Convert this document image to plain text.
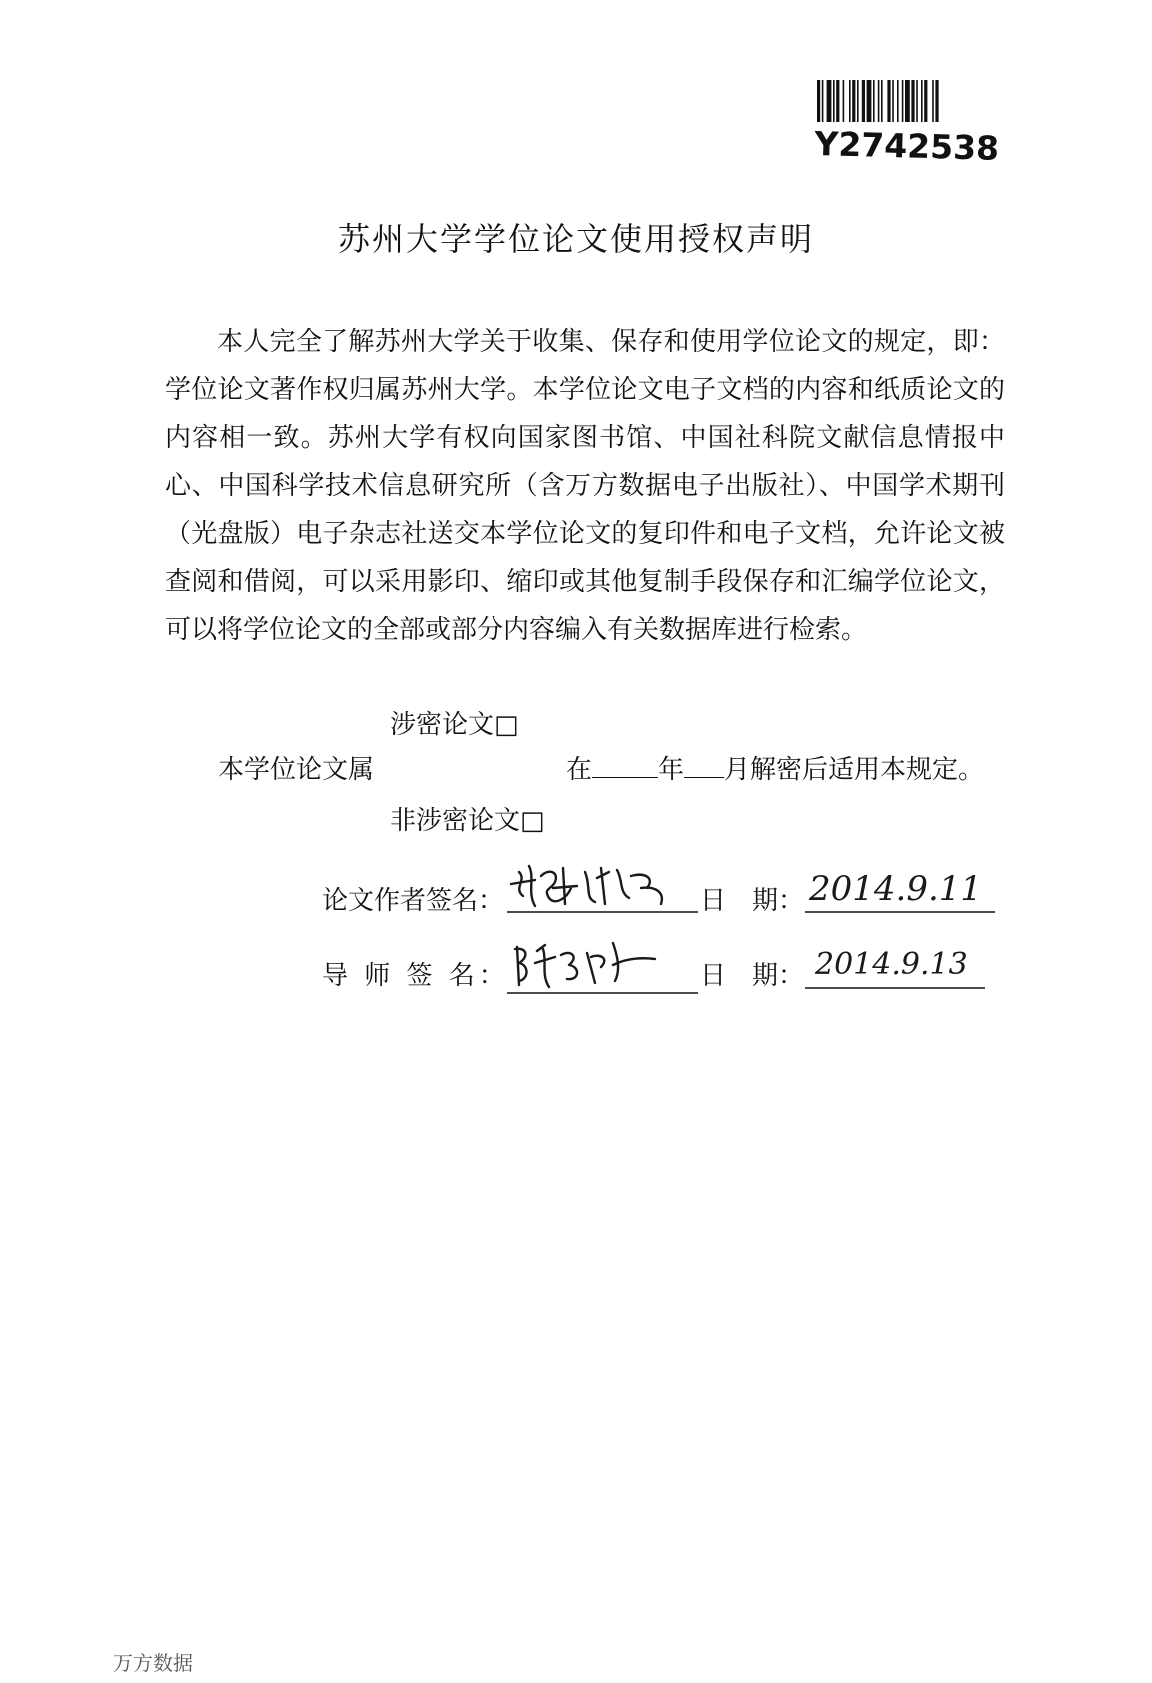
Y2742538
苏州大学学位论文使用授权声明

本人完全了解苏州大学关于收集、保存和使用学位论文的规定，即：学位论文著作权归属苏州大学。本学位论文电子文档的内容和纸质论文的内容相一致。苏州大学有权向国家图书馆、中国社科院文献信息情报中心、中国科学技术信息研究所（含万方数据电子出版社）、中国学术期刊（光盘版）电子杂志社送交本学位论文的复印件和电子文档，允许论文被查阅和借阅，可以采用影印、缩印或其他复制手段保存和汇编学位论文，可以将学位论文的全部或部分内容编入有关数据库进行检索。

涉密论文□
本学位论文属	在	年 月解密后适用本规定。
非涉密论文□
论文作者签名：	日　期： 2014.9.11
导 师 签 名：	日　期： 2014.9.13
万方数据
